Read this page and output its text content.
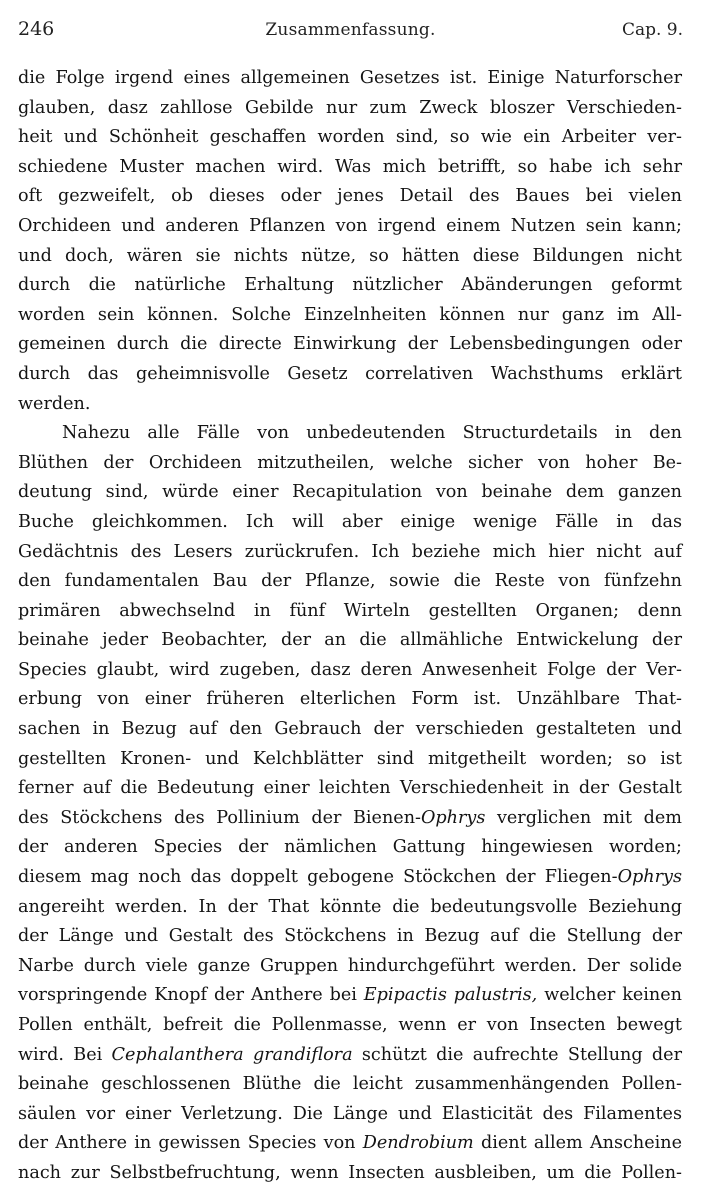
246	Zusammenfassung.	Cap. 9.
die Folge irgend eines allgemeinen Gesetzes ist. Einige Naturforscher
glauben, dasz zahllose Gebilde nur zum Zweck bloszer Verschieden-
heit und Schönheit geschaffen worden sind, so wie ein Arbeiter ver-
schiedene Muster machen wird. Was mich betrifft, so habe ich sehr
oft gezweifelt, ob dieses oder jenes Detail des Baues bei vielen
Orchideen und anderen Pflanzen von irgend einem Nutzen sein kann;
und doch, wären sie nichts nütze, so hätten diese Bildungen nicht
durch die natürliche Erhaltung nützlicher Abänderungen geformt
worden sein können. Solche Einzelnheiten können nur ganz im All-
gemeinen durch die directe Einwirkung der Lebensbedingungen oder
durch das geheimnisvolle Gesetz correlativen Wachsthums erklärt
werden.
Nahezu alle Fälle von unbedeutenden Structurdetails in den
Blüthen der Orchideen mitzutheilen, welche sicher von hoher Be-
deutung sind, würde einer Recapitulation von beinahe dem ganzen
Buche gleichkommen. Ich will aber einige wenige Fälle in das
Gedächtnis des Lesers zurückrufen. Ich beziehe mich hier nicht auf
den fundamentalen Bau der Pflanze, sowie die Reste von fünfzehn
primären abwechselnd in fünf Wirteln gestellten Organen; denn
beinahe jeder Beobachter, der an die allmähliche Entwickelung der
Species glaubt, wird zugeben, dasz deren Anwesenheit Folge der Ver-
erbung von einer früheren elterlichen Form ist. Unzählbare That-
sachen in Bezug auf den Gebrauch der verschieden gestalteten und
gestellten Kronen- und Kelchblätter sind mitgetheilt worden; so ist
ferner auf die Bedeutung einer leichten Verschiedenheit in der Gestalt
des Stöckchens des Pollinium der Bienen-Ophrys verglichen mit dem
der anderen Species der nämlichen Gattung hingewiesen worden;
diesem mag noch das doppelt gebogene Stöckchen der Fliegen-Ophrys
angereiht werden. In der That könnte die bedeutungsvolle Beziehung
der Länge und Gestalt des Stöckchens in Bezug auf die Stellung der
Narbe durch viele ganze Gruppen hindurchgeführt werden. Der solide
vorspringende Knopf der Anthere bei Epipactis palustris, welcher keinen
Pollen enthält, befreit die Pollenmasse, wenn er von Insecten bewegt
wird. Bei Cephalanthera grandiflora schützt die aufrechte Stellung der
beinahe geschlossenen Blüthe die leicht zusammenhängenden Pollen-
säulen vor einer Verletzung. Die Länge und Elasticität des Filamentes
der Anthere in gewissen Species von Dendrobium dient allem Anscheine
nach zur Selbstbefruchtung, wenn Insecten ausbleiben, um die Pollen-
